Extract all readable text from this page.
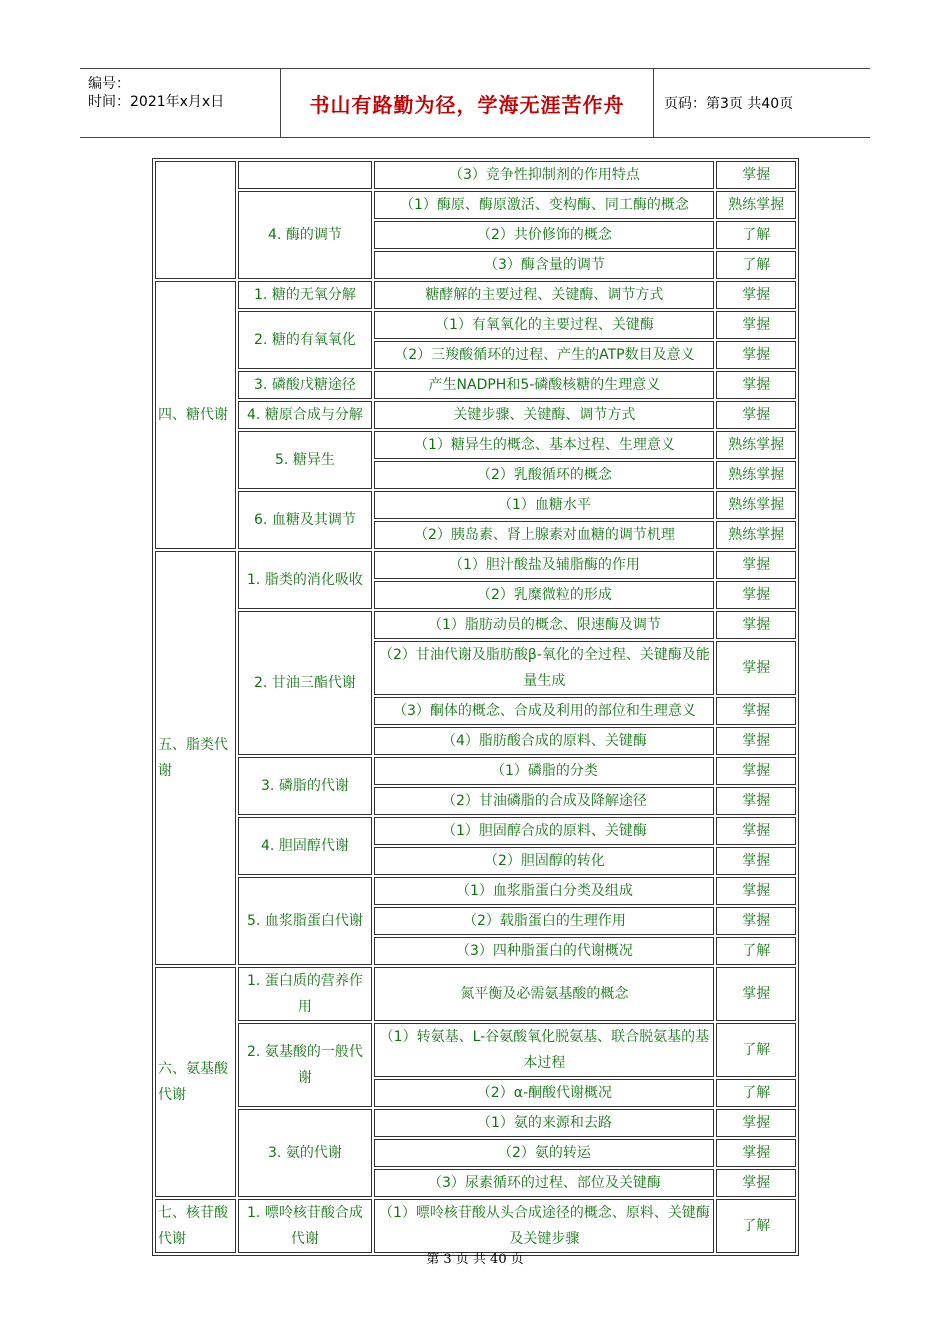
编号：
时间：2021年x月x日	书山有路勤为径，学海无涯苦作舟	页码：第3页 共40页
		（3）竞争性抑制剂的作用特点	掌握
	4. 酶的调节	（1）酶原、酶原激活、变构酶、同工酶的概念	熟练掌握
		（2）共价修饰的概念	了解
		（3）酶含量的调节	了解
四、糖代谢	1. 糖的无氧分解	糖酵解的主要过程、关键酶、调节方式	掌握
	2. 糖的有氧氧化	（1）有氧氧化的主要过程、关键酶	掌握
		（2）三羧酸循环的过程、产生的ATP数目及意义	掌握
	3. 磷酸戊糖途径	产生NADPH和5-磷酸核糖的生理意义	掌握
	4. 糖原合成与分解	关键步骤、关键酶、调节方式	掌握
	5. 糖异生	（1）糖异生的概念、基本过程、生理意义	熟练掌握
		（2）乳酸循环的概念	熟练掌握
	6. 血糖及其调节	（1）血糖水平	熟练掌握
		（2）胰岛素、肾上腺素对血糖的调节机理	熟练掌握
五、脂类代谢	1. 脂类的消化吸收	（1）胆汁酸盐及辅脂酶的作用	掌握
		（2）乳糜微粒的形成	掌握
	2. 甘油三酯代谢	（1）脂肪动员的概念、限速酶及调节	掌握
		（2）甘油代谢及脂肪酸β-氧化的全过程、关键酶及能量生成	掌握
		（3）酮体的概念、合成及利用的部位和生理意义	掌握
		（4）脂肪酸合成的原料、关键酶	掌握
	3. 磷脂的代谢	（1）磷脂的分类	掌握
		（2）甘油磷脂的合成及降解途径	掌握
	4. 胆固醇代谢	（1）胆固醇合成的原料、关键酶	掌握
		（2）胆固醇的转化	掌握
	5. 血浆脂蛋白代谢	（1）血浆脂蛋白分类及组成	掌握
		（2）载脂蛋白的生理作用	掌握
		（3）四种脂蛋白的代谢概况	了解
六、氨基酸代谢	1. 蛋白质的营养作用	氮平衡及必需氨基酸的概念	掌握
	2. 氨基酸的一般代谢	（1）转氨基、L-谷氨酸氧化脱氨基、联合脱氨基的基本过程	了解
		（2）α-酮酸代谢概况	了解
	3. 氨的代谢	（1）氨的来源和去路	掌握
		（2）氨的转运	掌握
		（3）尿素循环的过程、部位及关键酶	掌握
七、核苷酸代谢	1. 嘌呤核苷酸合成代谢	（1）嘌呤核苷酸从头合成途径的概念、原料、关键酶及关键步骤	了解
第 3 页 共 40 页
